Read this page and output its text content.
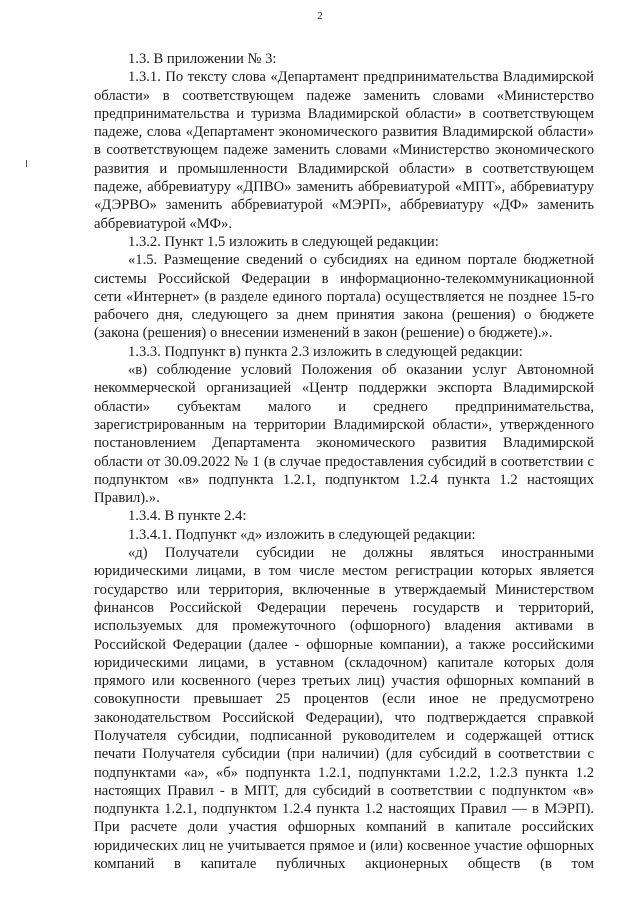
2

1.3. В приложении № 3:

1.3.1. По тексту слова «Департамент предпринимательства Владимирской области» в соответствующем падеже заменить словами «Министерство предпринимательства и туризма Владимирской области» в соответствующем падеже, слова «Департамент экономического развития Владимирской области» в соответствующем падеже заменить словами «Министерство экономического развития и промышленности Владимирской области» в соответствующем падеже, аббревиатуру «ДПВО» заменить аббревиатурой «МПТ», аббревиатуру «ДЭРВО» заменить аббревиатурой «МЭРП», аббревиатуру «ДФ» заменить аббревиатурой «МФ».

1.3.2. Пункт 1.5 изложить в следующей редакции:

«1.5. Размещение сведений о субсидиях на едином портале бюджетной системы Российской Федерации в информационно-телекоммуникационной сети «Интернет» (в разделе единого портала) осуществляется не позднее 15-го рабочего дня, следующего за днем принятия закона (решения) о бюджете (закона (решения) о внесении изменений в закон (решение) о бюджете).».

1.3.3. Подпункт в) пункта 2.3 изложить в следующей редакции:

«в) соблюдение условий Положения об оказании услуг Автономной некоммерческой организацией «Центр поддержки экспорта Владимирской области» субъектам малого и среднего предпринимательства, зарегистрированным на территории Владимирской области», утвержденного постановлением Департамента экономического развития Владимирской области от 30.09.2022 № 1 (в случае предоставления субсидий в соответствии с подпунктом «в» подпункта 1.2.1, подпунктом 1.2.4 пункта 1.2 настоящих Правил).».

1.3.4. В пункте 2.4:

1.3.4.1. Подпункт «д» изложить в следующей редакции:

«д) Получатели субсидии не должны являться иностранными юридическими лицами, в том числе местом регистрации которых является государство или территория, включенные в утверждаемый Министерством финансов Российской Федерации перечень государств и территорий, используемых для промежуточного (офшорного) владения активами в Российской Федерации (далее - офшорные компании), а также российскими юридическими лицами, в уставном (складочном) капитале которых доля прямого или косвенного (через третьих лиц) участия офшорных компаний в совокупности превышает 25 процентов (если иное не предусмотрено законодательством Российской Федерации), что подтверждается справкой Получателя субсидии, подписанной руководителем и содержащей оттиск печати Получателя субсидии (при наличии) (для субсидий в соответствии с подпунктами «а», «б» подпункта 1.2.1, подпунктами 1.2.2, 1.2.3 пункта 1.2 настоящих Правил - в МПТ, для субсидий в соответствии с подпунктом «в» подпункта 1.2.1, подпунктом 1.2.4 пункта 1.2 настоящих Правил — в МЭРП). При расчете доли участия офшорных компаний в капитале российских юридических лиц не учитывается прямое и (или) косвенное участие офшорных компаний в капитале публичных акционерных обществ (в том
